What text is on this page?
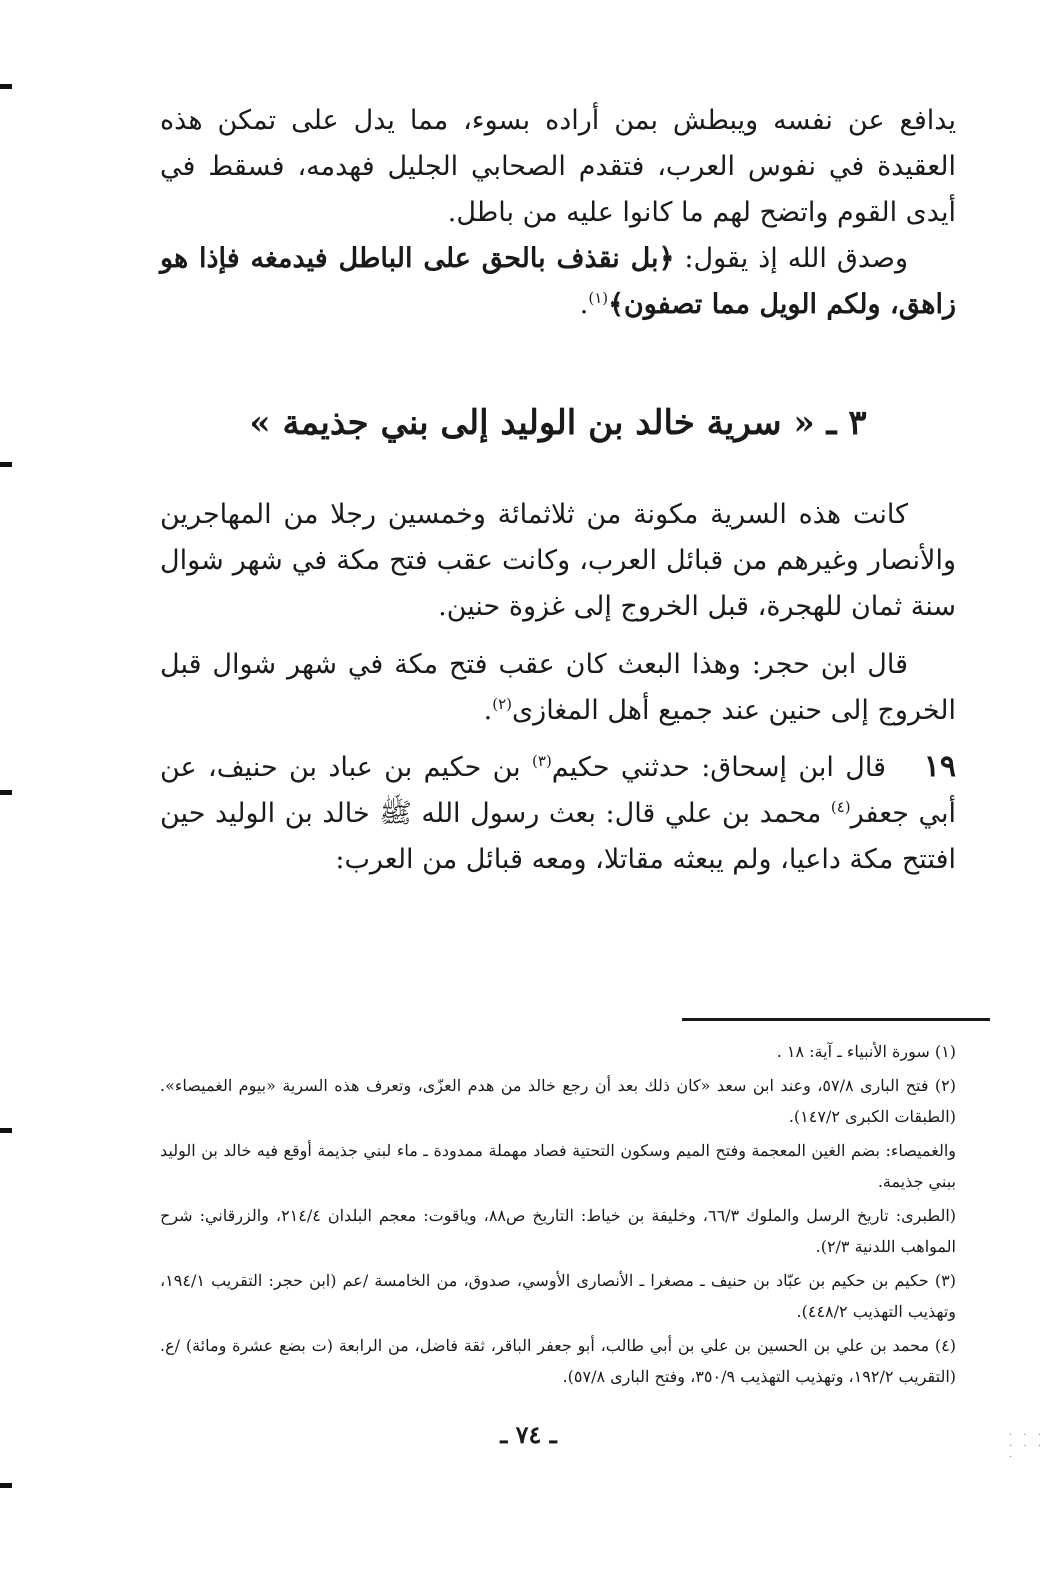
· · ·
· · · ·

يدافع عن نفسه ويبطش بمن أراده بسوء، مما يدل على تمكن هذه العقيدة في نفوس العرب، فتقدم الصحابي الجليل فهدمه، فسقط في أيدى القوم واتضح لهم ما كانوا عليه من باطل.

وصدق الله إذ يقول: ﴿بل نقذف بالحق على الباطل فيدمغه فإذا هو زاهق، ولكم الويل مما تصفون﴾$^{(١)}$.

٣ ـ « سرية خالد بن الوليد إلى بني جذيمة »

كانت هذه السرية مكونة من ثلاثمائة وخمسين رجلا من المهاجرين والأنصار وغيرهم من قبائل العرب، وكانت عقب فتح مكة في شهر شوال سنة ثمان للهجرة، قبل الخروج إلى غزوة حنين.

قال ابن حجر: وهذا البعث كان عقب فتح مكة في شهر شوال قبل الخروج إلى حنين عند جميع أهل المغازى$^{(٢)}$.

١٩قال ابن إسحاق: حدثني حكيم$^{(٣)}$ بن حكيم بن عباد بن حنيف، عن أبي جعفر$^{(٤)}$ محمد بن علي قال: بعث رسول الله ﷺ خالد بن الوليد حين افتتح مكة داعيا، ولم يبعثه مقاتلا، ومعه قبائل من العرب:

(١) سورة الأنبياء ـ آية: ١٨ .

(٢) فتح البارى ٥٧/٨، وعند ابن سعد «كان ذلك بعد أن رجع خالد من هدم العزّى، وتعرف هذه السرية «بيوم الغميصاء». (الطبقات الكبرى ١٤٧/٢).

والغميصاء: بضم الغين المعجمة وفتح الميم وسكون التحتية فصاد مهملة ممدودة ـ ماء لبني جذيمة أوقع فيه خالد بن الوليد ببني جذيمة.

(الطبرى: تاريخ الرسل والملوك ٦٦/٣، وخليفة بن خياط: التاريخ ص٨٨، وياقوت: معجم البلدان ٢١٤/٤، والزرقاني: شرح المواهب اللدنية ٢/٣).

(٣) حكيم بن حكيم بن عبّاد بن حنيف ـ مصغرا ـ الأنصارى الأوسي، صدوق، من الخامسة /عم (ابن حجر: التقريب ١٩٤/١، وتهذيب التهذيب ٤٤٨/٢).

(٤) محمد بن علي بن الحسين بن علي بن أبي طالب، أبو جعفر الباقر، ثقة فاضل، من الرابعة (ت بضع عشرة ومائة) /ع. (التقريب ١٩٢/٢، وتهذيب التهذيب ٣٥٠/٩، وفتح البارى ٥٧/٨).

ـ ٧٤ ـ
